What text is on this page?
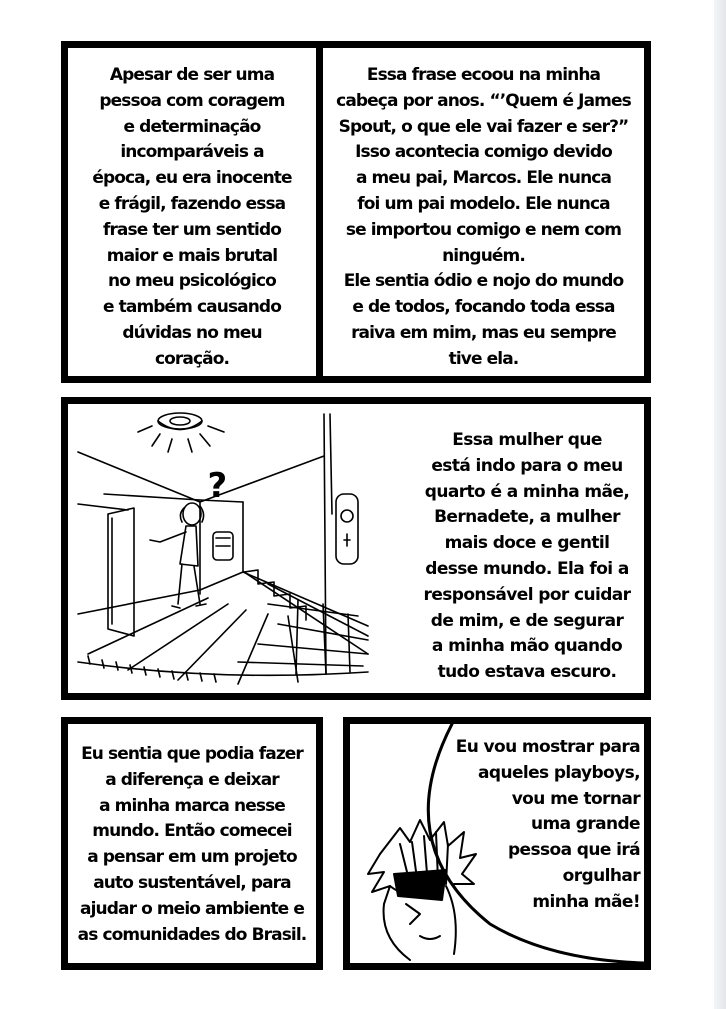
Apesar de ser uma
pessoa com coragem
e determinação
incomparáveis a
época, eu era inocente
e frágil, fazendo essa
frase ter um sentido
maior e mais brutal
no meu psicológico
e também causando
dúvidas no meu
coração.
Essa frase ecoou na minha
cabeça por anos. “’Quem é James
Spout, o que ele vai fazer e ser?”
Isso acontecia comigo devido
a meu pai, Marcos. Ele nunca
foi um pai modelo. Ele nunca
se importou comigo e nem com
ninguém.
Ele sentia ódio e nojo do mundo
e de todos, focando toda essa
raiva em mim, mas eu sempre
tive ela.
?
Essa mulher que
está indo para o meu
quarto é a minha mãe,
Bernadete, a mulher
mais doce e gentil
desse mundo. Ela foi a
responsável por cuidar
de mim, e de segurar
a minha mão quando
tudo estava escuro.
Eu sentia que podia fazer
a diferença e deixar
a minha marca nesse
mundo. Então comecei
a pensar em um projeto
auto sustentável, para
ajudar o meio ambiente e
as comunidades do Brasil.
Eu vou mostrar para
aqueles playboys,
vou me tornar
uma grande
pessoa que irá
orgulhar
minha mãe!
